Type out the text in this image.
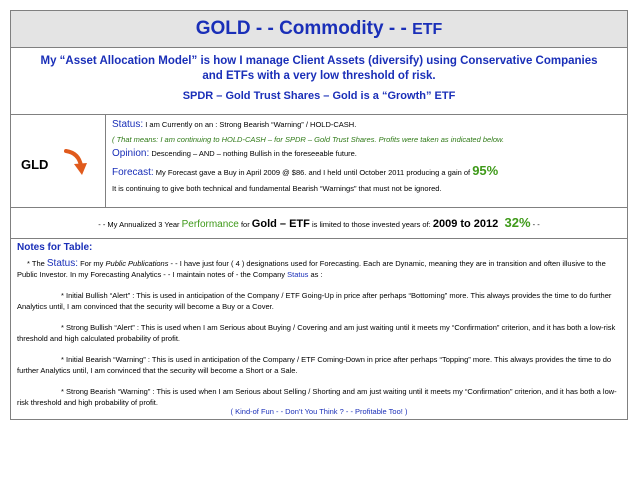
GOLD - - Commodity - - ETF
My “Asset Allocation Model” is how I manage Client Assets (diversify) using Conservative Companies
and ETFs with a very low threshold of risk.
SPDR – Gold Trust Shares – Gold is a “Growth” ETF
GLD
Status: I am Currently on an : Strong Bearish “Warning” / HOLD-CASH.
( That means: I am continuing to HOLD-CASH – for SPDR – Gold Trust Shares. Profits were taken as indicated below.
Opinion: Descending – AND – nothing Bullish in the foreseeable future.
Forecast: My Forecast gave a Buy in April 2009 @ $86. and I held until October 2011 producing a gain of 95%
It is continuing to give both technical and fundamental Bearish “Warnings” that must not be ignored.
- - My Annualized 3 Year Performance for Gold – ETF is limited to those invested years of: 2009 to 2012 32% - -
Notes for Table:
* The Status: For my Public Publications - - I have just four ( 4 ) designations used for Forecasting. Each are Dynamic, meaning they are in transition and often illusive to the Public Investor. In my Forecasting Analytics - - I maintain notes of - the Company Status as :
* Initial Bullish “Alert” : This is used in anticipation of the Company / ETF Going-Up in price after perhaps “Bottoming” more. This always provides the time to do further Analytics until, I am convinced that the security will become a Buy or a Cover.
* Strong Bullish “Alert” : This is used when I am Serious about Buying / Covering and am just waiting until it meets my “Confirmation” criterion, and it has both a low-risk threshold and high calculated probability of profit.
* Initial Bearish “Warning” : This is used in anticipation of the Company / ETF Coming-Down in price after perhaps “Topping” more. This always provides the time to do further Analytics until, I am convinced that the security will become a Short or a Sale.
* Strong Bearish “Warning” : This is used when I am Serious about Selling / Shorting and am just waiting until it meets my “Confirmation” criterion, and it has both a low-risk threshold and high probability of profit.
( Kind-of Fun - - Don’t You Think ? - - Profitable Too! )
